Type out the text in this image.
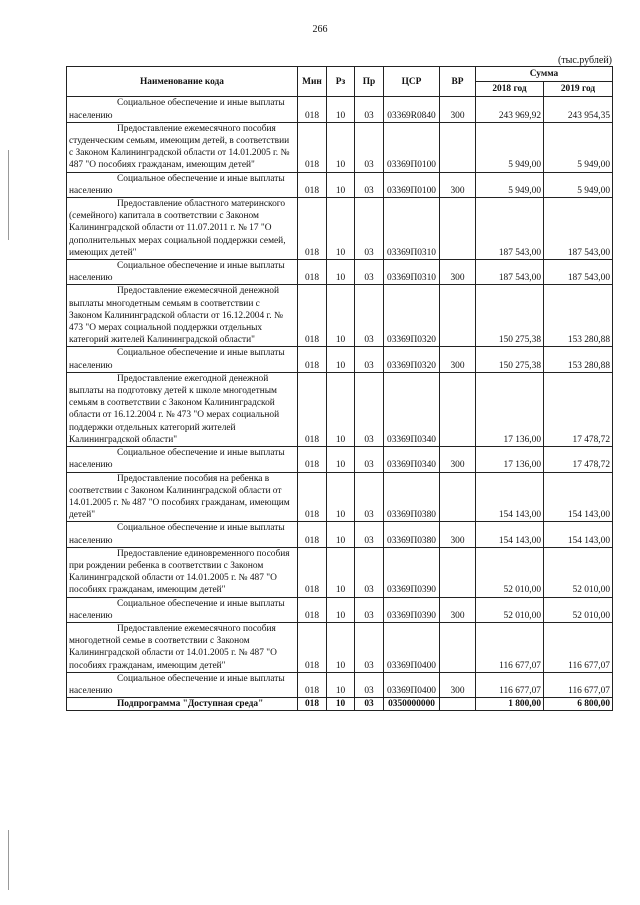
266
(тыс.рублей)
Наименование кода	Мин	Рз	Пр	ЦСР	ВР	Сумма	
						2018 год	2019 год

Социальное обеспечение и иные выплаты населению	018	10	03	03369R0840	300	243 969,92	243 954,35

Предоставление ежемесячного пособия студенческим семьям, имеющим детей, в соответствии с Законом Калининградской области от 14.01.2005 г. № 487 "О пособиях гражданам, имеющим детей"	018	10	03	03369П0100		5 949,00	5 949,00

Социальное обеспечение и иные выплаты населению	018	10	03	03369П0100	300	5 949,00	5 949,00

Предоставление областного материнского (семейного) капитала в соответствии с Законом Калининградской области от 11.07.2011 г. № 17 "О дополнительных мерах социальной поддержки семей, имеющих детей"	018	10	03	03369П0310		187 543,00	187 543,00

Социальное обеспечение и иные выплаты населению	018	10	03	03369П0310	300	187 543,00	187 543,00

Предоставление ежемесячной денежной выплаты многодетным семьям в соответствии с Законом Калининградской области от 16.12.2004 г. № 473 "О мерах социальной поддержки отдельных категорий жителей Калининградской области"	018	10	03	03369П0320		150 275,38	153 280,88

Социальное обеспечение и иные выплаты населению	018	10	03	03369П0320	300	150 275,38	153 280,88

Предоставление ежегодной денежной выплаты на подготовку детей к школе многодетным семьям в соответствии с Законом Калининградской области от 16.12.2004 г. № 473 "О мерах социальной поддержки отдельных категорий жителей Калининградской области"	018	10	03	03369П0340		17 136,00	17 478,72

Социальное обеспечение и иные выплаты населению	018	10	03	03369П0340	300	17 136,00	17 478,72

Предоставление пособия на ребенка в соответствии с Законом Калининградской области от 14.01.2005 г. № 487 "О пособиях гражданам, имеющим детей"	018	10	03	03369П0380		154 143,00	154 143,00

Социальное обеспечение и иные выплаты населению	018	10	03	03369П0380	300	154 143,00	154 143,00

Предоставление единовременного пособия при рождении ребенка в соответствии с Законом Калининградской области от 14.01.2005 г. № 487 "О пособиях гражданам, имеющим детей"	018	10	03	03369П0390		52 010,00	52 010,00

Социальное обеспечение и иные выплаты населению	018	10	03	03369П0390	300	52 010,00	52 010,00

Предоставление ежемесячного пособия многодетной семье в соответствии с Законом Калининградской области от 14.01.2005 г. № 487 "О пособиях гражданам, имеющим детей"	018	10	03	03369П0400		116 677,07	116 677,07

Социальное обеспечение и иные выплаты населению	018	10	03	03369П0400	300	116 677,07	116 677,07

Подпрограмма "Доступная среда"	018	10	03	0350000000		1 800,00	6 800,00
